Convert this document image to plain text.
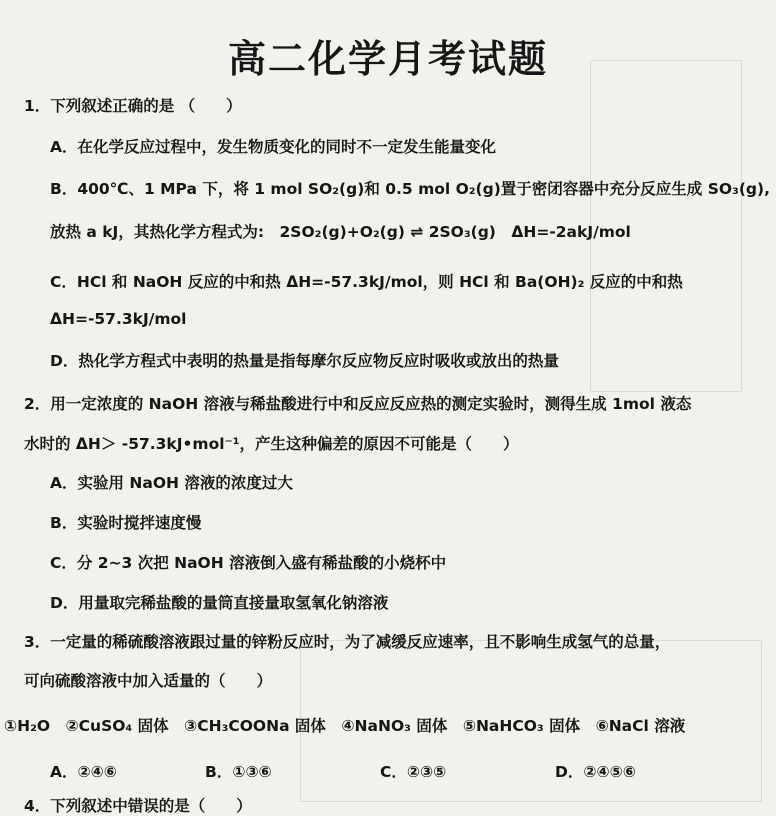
高二化学月考试题
1．下列叙述正确的是 （　　）
A．在化学反应过程中，发生物质变化的同时不一定发生能量变化
B．400℃、1 MPa 下，将 1 mol SO₂(g)和 0.5 mol O₂(g)置于密闭容器中充分反应生成 SO₃(g),
放热 a kJ，其热化学方程式为:　2SO₂(g)+O₂(g) ⇌ 2SO₃(g)　ΔH=-2akJ/mol
C．HCl 和 NaOH 反应的中和热 ΔH=-57.3kJ/mol，则 HCl 和 Ba(OH)₂ 反应的中和热
ΔH=-57.3kJ/mol
D．热化学方程式中表明的热量是指每摩尔反应物反应时吸收或放出的热量
2．用一定浓度的 NaOH 溶液与稀盐酸进行中和反应反应热的测定实验时，测得生成 1mol 液态
水时的 ΔH＞ -57.3kJ•mol⁻¹，产生这种偏差的原因不可能是（　　）
A．实验用 NaOH 溶液的浓度过大
B．实验时搅拌速度慢
C．分 2~3 次把 NaOH 溶液倒入盛有稀盐酸的小烧杯中
D．用量取完稀盐酸的量筒直接量取氢氧化钠溶液
3．一定量的稀硫酸溶液跟过量的锌粉反应时，为了减缓反应速率，且不影响生成氢气的总量，
可向硫酸溶液中加入适量的（　　）
①H₂O　②CuSO₄ 固体　③CH₃COONa 固体　④NaNO₃ 固体　⑤NaHCO₃ 固体　⑥NaCl 溶液
A．②④⑥	B．①③⑥	C．②③⑤	D．②④⑤⑥
4．下列叙述中错误的是（　　）
